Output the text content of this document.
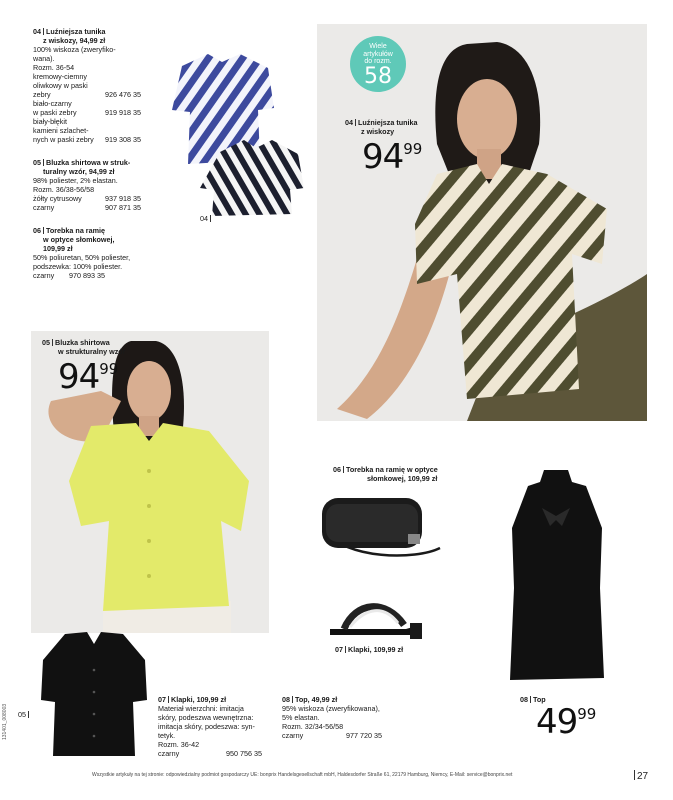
04 Luźniejsza tunika
z wiskozy, 94,99 zł
100% wiskoza (zweryfiko-
wana).
Rozm. 36-54
kremowy-ciemny
oliwkowy w paski
zebry	926 476 35
biało-czarny
w paski zebry	919 918 35
biały-błękit
kamieni szlachet-
nych w paski zebry 919 308 35
05 Bluzka shirtowa w struk-
turalny wzór, 94,99 zł
98% poliester, 2% elastan.
Rozm. 36/38-56/58
żółty cytrusowy	937 918 35
czarny	907 871 35
06 Torebka na ramię
w optyce słomkowej,
109,99 zł
50% poliuretan, 50% poliester,
podszewka: 100% poliester.
czarny 970 893 35
04
Wiele
artykułów
do rozm.
58
04 Luźniejsza tunika
z wiskozy
$94^{99}$
05 Bluzka shirtowa
w strukturalny wzór
$94^{99}$
05
06 Torebka na ramię w optyce
słomkowej, 109,99 zł
07 Klapki, 109,99 zł
08 Top
$49^{99}$
07 Klapki, 109,99 zł
Materiał wierzchni: imitacja
skóry, podeszwa wewnętrzna:
imitacja skóry, podeszwa: syn-
tetyk.
Rozm. 36-42
czarny	950 756 35
08 Top, 49,99 zł
95% wiskoza (zweryfikowana),
5% elastan.
Rozm. 32/34-56/58
czarny	977 720 35
Wszystkie artykuły na tej stronie: odpowiedzialny podmiot gospodarczy UE: bonprix Handelsgesellschaft mbH, Haldesdorfer Straße 61, 22179 Hamburg, Niemcy, E-Mail: service@bonprix.net	27
131401_008003
